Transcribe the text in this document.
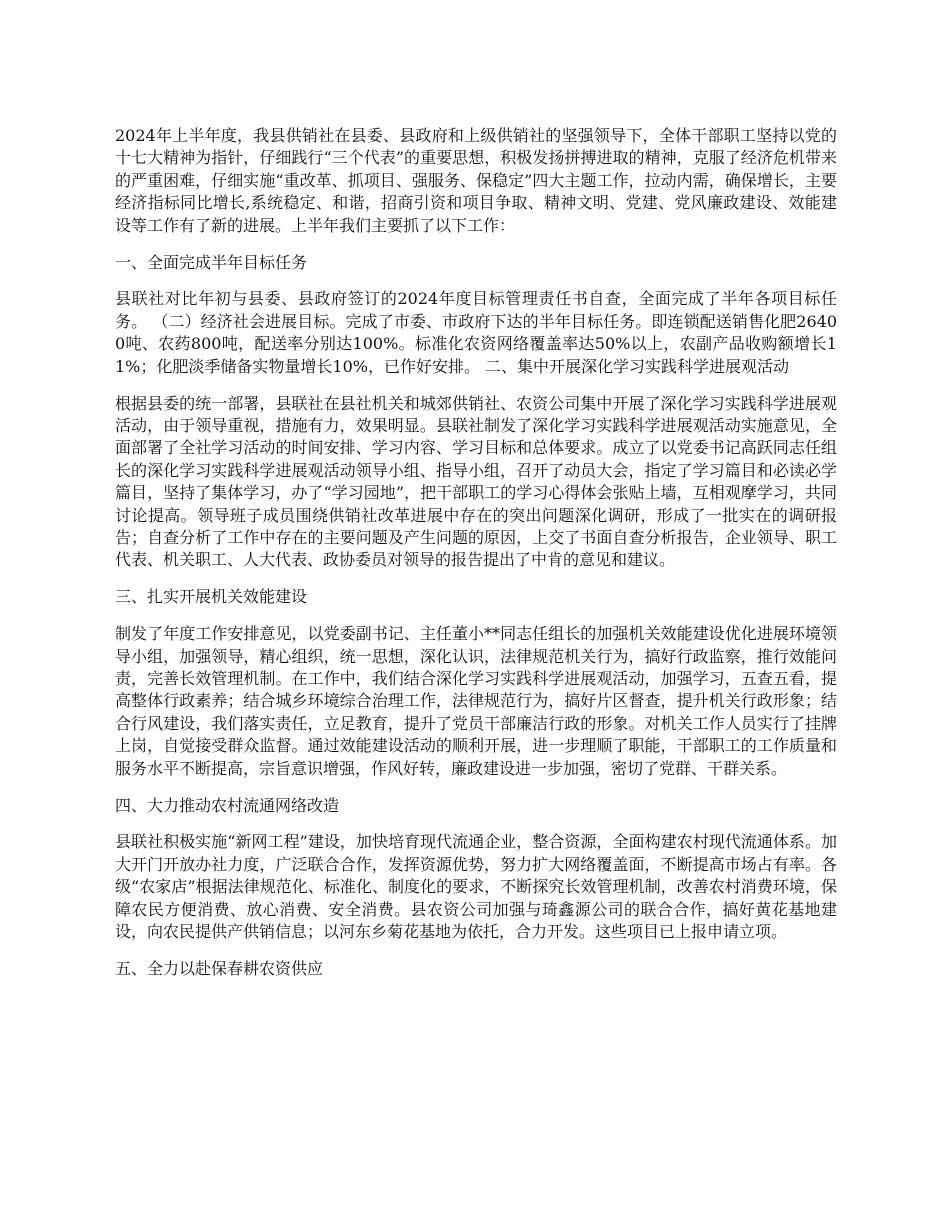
2024年上半年度，我县供销社在县委、县政府和上级供销社的坚强领导下，全体干部职工坚持以党的十七大精神为指针，仔细践行“三个代表”的重要思想，积极发扬拼搏进取的精神，克服了经济危机带来的严重困难，仔细实施“重改革、抓项目、强服务、保稳定”四大主题工作，拉动内需，确保增长，主要经济指标同比增长,系统稳定、和谐，招商引资和项目争取、精神文明、党建、党风廉政建设、效能建设等工作有了新的进展。上半年我们主要抓了以下工作：

一、全面完成半年目标任务

县联社对比年初与县委、县政府签订的2024年度目标管理责任书自查，全面完成了半年各项目标任务。 （二）经济社会进展目标。完成了市委、市政府下达的半年目标任务。即连锁配送销售化肥26400吨、农药800吨，配送率分别达100%。标准化农资网络覆盖率达50%以上，农副产品收购额增长11%；化肥淡季储备实物量增长10%，已作好安排。 二、集中开展深化学习实践科学进展观活动

根据县委的统一部署，县联社在县社机关和城郊供销社、农资公司集中开展了深化学习实践科学进展观活动，由于领导重视，措施有力，效果明显。县联社制发了深化学习实践科学进展观活动实施意见，全面部署了全社学习活动的时间安排、学习内容、学习目标和总体要求。成立了以党委书记高跃同志任组长的深化学习实践科学进展观活动领导小组、指导小组，召开了动员大会，指定了学习篇目和必读必学篇目，坚持了集体学习，办了“学习园地”，把干部职工的学习心得体会张贴上墙，互相观摩学习，共同讨论提高。领导班子成员围绕供销社改革进展中存在的突出问题深化调研，形成了一批实在的调研报告；自查分析了工作中存在的主要问题及产生问题的原因，上交了书面自查分析报告，企业领导、职工代表、机关职工、人大代表、政协委员对领导的报告提出了中肯的意见和建议。

三、扎实开展机关效能建设

制发了年度工作安排意见，以党委副书记、主任董小**同志任组长的加强机关效能建设优化进展环境领导小组，加强领导，精心组织，统一思想，深化认识，法律规范机关行为，搞好行政监察，推行效能问责，完善长效管理机制。在工作中，我们结合深化学习实践科学进展观活动，加强学习，五查五看，提高整体行政素养；结合城乡环境综合治理工作，法律规范行为，搞好片区督查，提升机关行政形象；结合行风建设，我们落实责任，立足教育，提升了党员干部廉洁行政的形象。对机关工作人员实行了挂牌上岗，自觉接受群众监督。通过效能建设活动的顺利开展，进一步理顺了职能，干部职工的工作质量和服务水平不断提高，宗旨意识增强，作风好转，廉政建设进一步加强，密切了党群、干群关系。

四、大力推动农村流通网络改造

县联社积极实施“新网工程”建设，加快培育现代流通企业，整合资源，全面构建农村现代流通体系。加大开门开放办社力度，广泛联合合作，发挥资源优势，努力扩大网络覆盖面，不断提高市场占有率。各级“农家店”根据法律规范化、标准化、制度化的要求，不断探究长效管理机制，改善农村消费环境，保障农民方便消费、放心消费、安全消费。县农资公司加强与琦鑫源公司的联合合作，搞好黄花基地建设，向农民提供产供销信息；以河东乡菊花基地为依托，合力开发。这些项目已上报申请立项。

五、全力以赴保春耕农资供应
